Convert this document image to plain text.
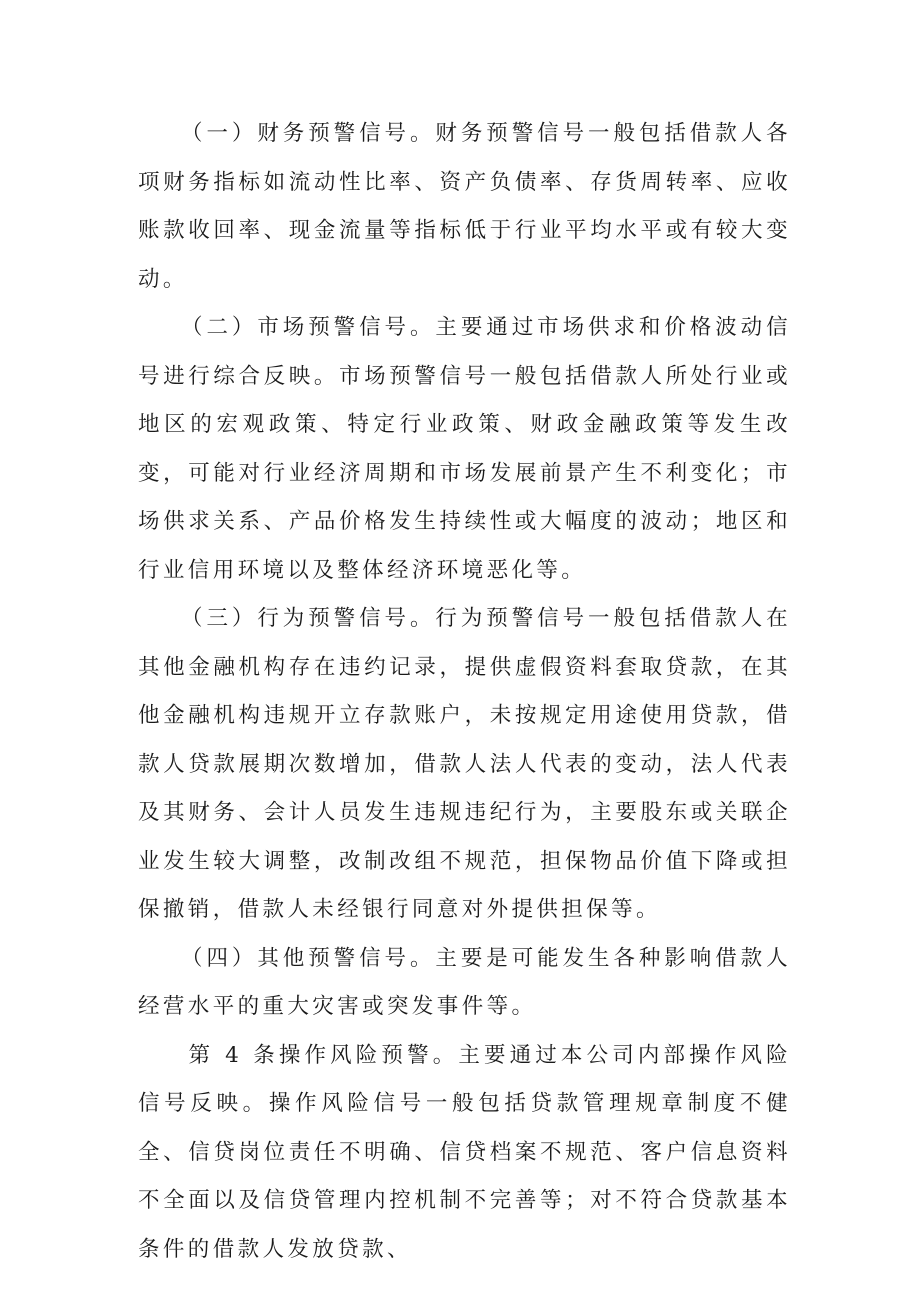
（一）财务预警信号。财务预警信号一般包括借款人各项财务指标如流动性比率、资产负债率、存货周转率、应收账款收回率、现金流量等指标低于行业平均水平或有较大变动。

（二）市场预警信号。主要通过市场供求和价格波动信号进行综合反映。市场预警信号一般包括借款人所处行业或地区的宏观政策、特定行业政策、财政金融政策等发生改变，可能对行业经济周期和市场发展前景产生不利变化；市场供求关系、产品价格发生持续性或大幅度的波动；地区和行业信用环境以及整体经济环境恶化等。

（三）行为预警信号。行为预警信号一般包括借款人在其他金融机构存在违约记录，提供虚假资料套取贷款，在其他金融机构违规开立存款账户，未按规定用途使用贷款，借款人贷款展期次数增加，借款人法人代表的变动，法人代表及其财务、会计人员发生违规违纪行为，主要股东或关联企业发生较大调整，改制改组不规范，担保物品价值下降或担保撤销，借款人未经银行同意对外提供担保等。

（四）其他预警信号。主要是可能发生各种影响借款人经营水平的重大灾害或突发事件等。

第 4 条操作风险预警。主要通过本公司内部操作风险信号反映。操作风险信号一般包括贷款管理规章制度不健全、信贷岗位责任不明确、信贷档案不规范、客户信息资料不全面以及信贷管理内控机制不完善等；对不符合贷款基本条件的借款人发放贷款、
